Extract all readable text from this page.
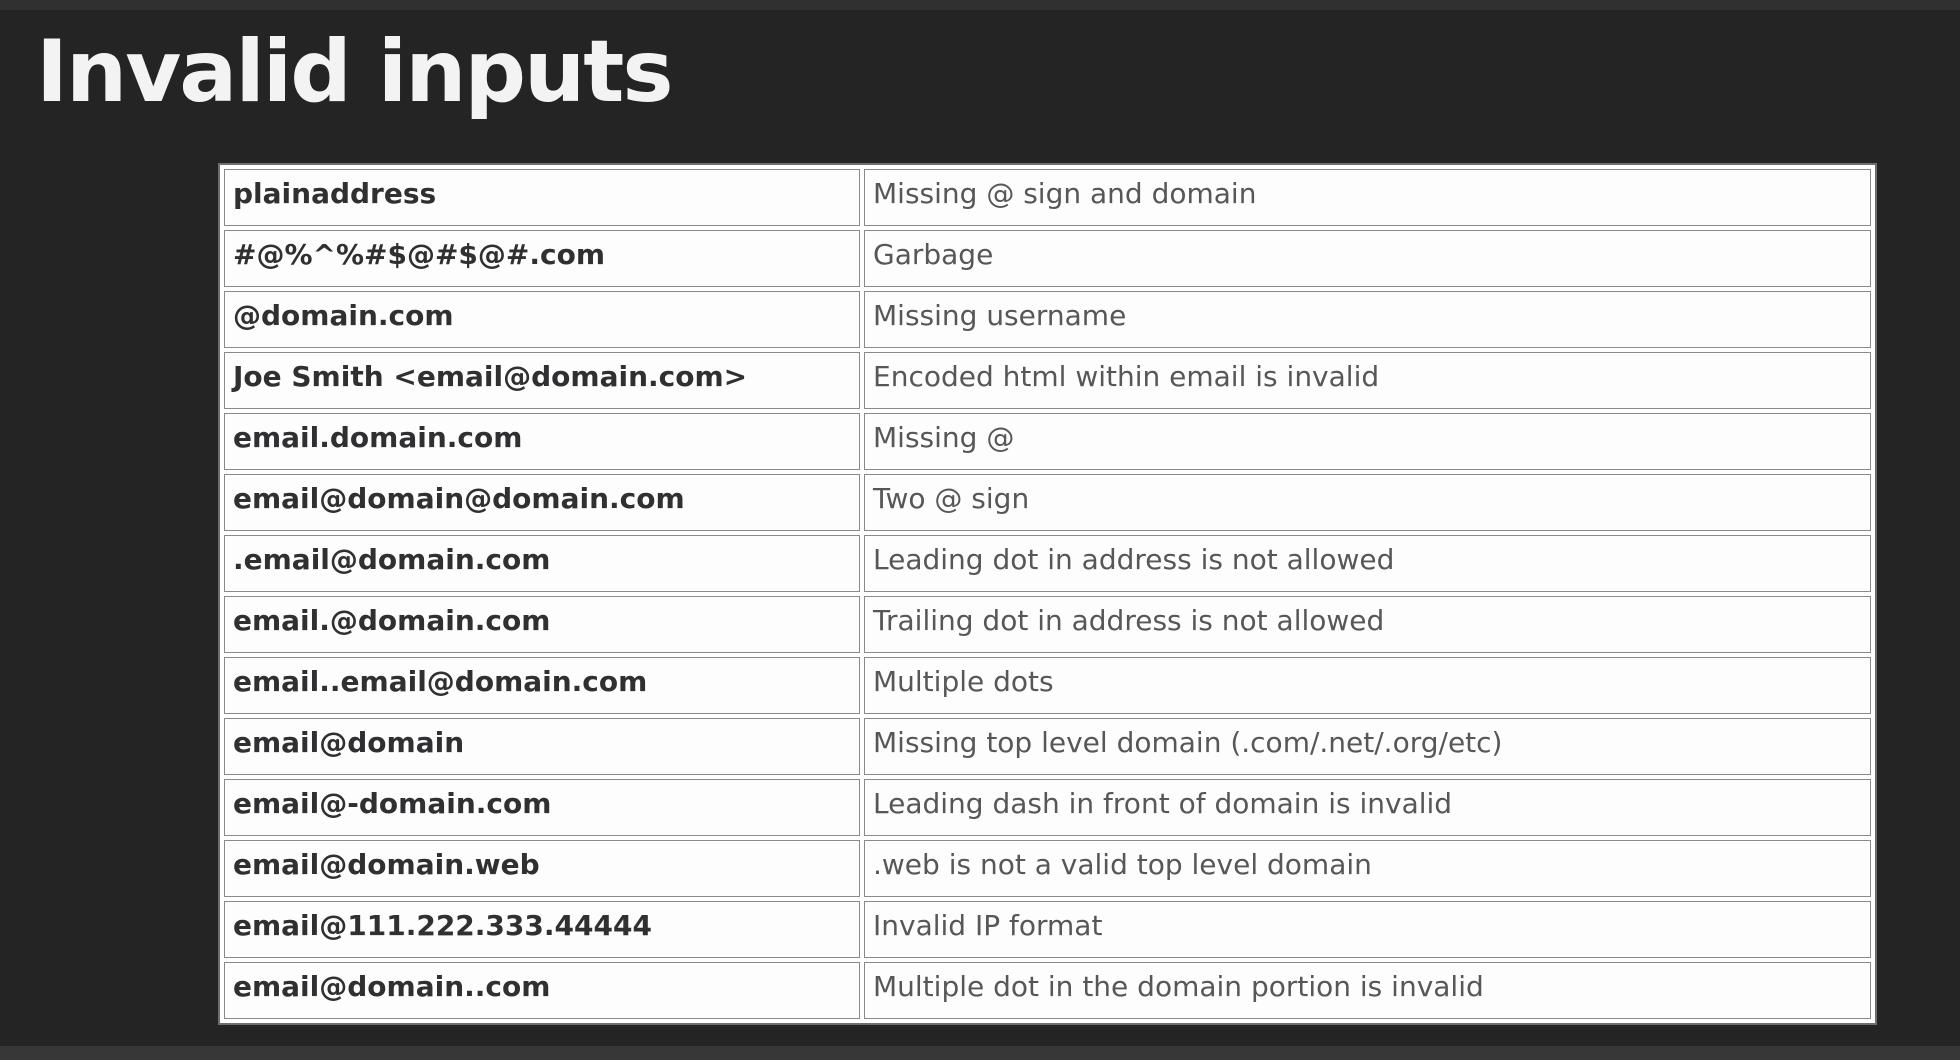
Invalid inputs
plainaddress	Missing @ sign and domain
#@%^%#$@#$@#.com	Garbage
@domain.com	Missing username
Joe Smith <email@domain.com>	Encoded html within email is invalid
email.domain.com	Missing @
email@domain@domain.com	Two @ sign
.email@domain.com	Leading dot in address is not allowed
email.@domain.com	Trailing dot in address is not allowed
email..email@domain.com	Multiple dots
email@domain	Missing top level domain (.com/.net/.org/etc)
email@-domain.com	Leading dash in front of domain is invalid
email@domain.web	.web is not a valid top level domain
email@111.222.333.44444	Invalid IP format
email@domain..com	Multiple dot in the domain portion is invalid
